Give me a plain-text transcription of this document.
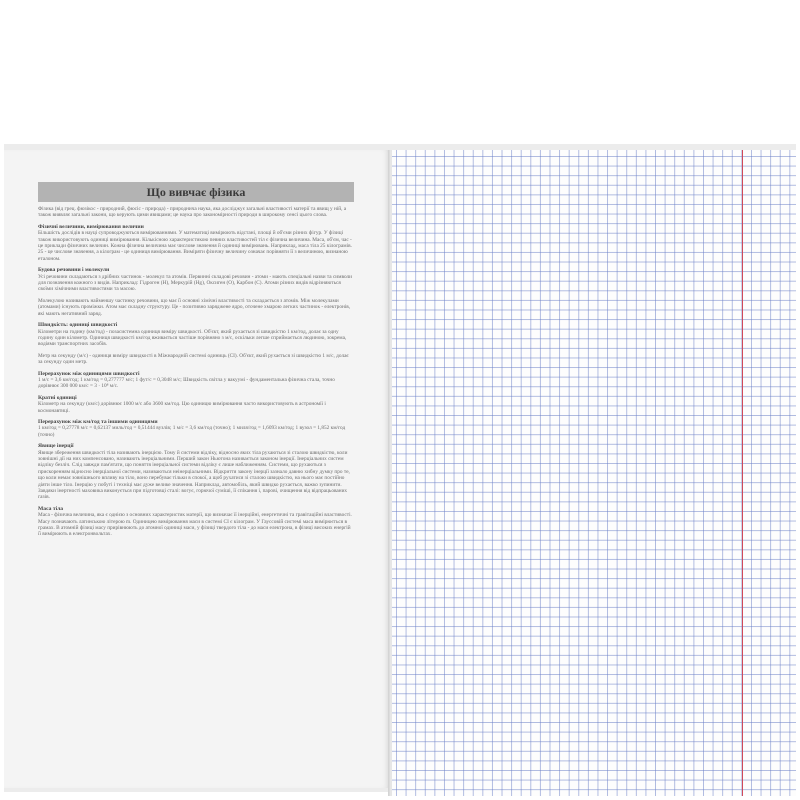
Що вивчає фізика

Фізика (від грец. фюзікос - природний, фюсіс - природа) - природнича наука, яка досліджує загальні властивості матерії та явищ у ній, а також виявляє загальні закони, що керують цими явищами; це наука про закономірності природи в широкому сенсі цього слова.

Фізичні величини, вимірювання величин

Більшість дослідів в науці супроводжуються вимірюваннями. У математиці вимірюють відстані, площі й об'єми різних фігур. У фізиці також використовують одиниці вимірювання. Кількісною характеристикою певних властивостей тіл є фізична величина. Маса, об'єм, час - це приклади фізичних величин. Кожна фізична величина має числове значення й одиниці вимірювань. Наприклад, маса тіла 25 кілограмів. 25 - це числове значення, а кілограм - це одиниця вимірювання. Виміряти фізичну величину означає порівняти її з величиною, визнаною еталоном.

Будова речовини і молекули

Усі речовини складаються з дрібних частинок - молекул та атомів. Первинні складові речовин - атоми - мають спеціальні назви та символи для позначення кожного з видів. Наприклад: Гідроген (Н), Меркурій (Hg), Оксиген (О), Карбон (С). Атоми різних видів відрізняються своїми хімічними властивостями та масою.

Молекулою називають найменшу частинку речовини, що має її основні хімічні властивості та складається з атомів. Між молекулами (атомами) існують проміжки. Атом має складну структуру. Це - позитивно заряджене ядро, оточене хмарою легких частинок - електронів, які мають негативний заряд.

Швидкість: одиниці швидкості

Кілометри на годину (км/год) - позасистемна одиниця виміру швидкості. Об'єкт, який рухається зі швидкістю 1 км/год, долає за одну годину один кілометр. Одиниця швидкості км/год вживається частіше порівняно з м/с, оскільки легше сприймається людиною, зокрема, водіями транспортних засобів.

Метр на секунду (м/с) - одиниця виміру швидкості в Міжнародній системі одиниць (СІ). Об'єкт, який рухається зі швидкістю 1 м/с, долає за секунду один метр.

Перерахунок між одиницями швидкості

1 м/с = 3,6 км/год; 1 км/год = 0,277777 м/с; 1 фут/с = 0,3048 м/с; Швидкість світла у вакуумі - фундаментальна фізична стала, точно дорівнює 300 000 км/с = 3 · 10⁸ м/с.

Кратні одиниці

Кілометр на секунду (км/с) дорівнює 1000 м/с або 3600 км/год. Цю одиницю вимірювання часто використовують в астрономії і космонавтиці.

Перерахунок між км/год та іншими одиницями

1 км/год = 0,27778 м/с = 0,62137 миль/год = 0,51444 вузлів; 1 м/с = 3,6 км/год (точно); 1 миля/год = 1,6093 км/год; 1 вузол = 1,852 км/год (точно)

Явище інерції

Явище збереження швидкості тіла називають інерцією. Тому й системи відліку, відносно яких тіла рухаються зі сталою швидкістю, коли зовнішні дії на них компенсовано, називають інерціальними. Перший закон Ньютона називається законом інерції. Інерціальних систем відліку безліч. Слід завжди пам'ятати, що поняття інерціальної системи відліку є лише наближенням. Системи, що рухаються з прискоренням відносно інерціальної системи, називаються неінерціальними. Відкриття закону інерції зазнало давню хибну думку про те, що коли немає зовнішнього впливу на тіло, воно перебуває тільки в спокої, а щоб рухатися зі сталою швидкістю, на нього має постійно діяти інше тіло. Інерцію у побуті і техніці має дуже велике значення. Наприклад, автомобіль, який швидко рухається, важко зупинити. Завдяки інертності маховика виконується при підготовці сталі: вогує, горючої суміші, її спікання і, парові, очищення від відпрацьованих газів.

Маса тіла

Маса - фізична величина, яка є однією з основних характеристик матерії, що визначає її інерційні, енергетичні та гравітаційні властивості. Масу позначають латинською літерою m. Одиницею вимірювання маси в системі СІ є кілограм. У Гауссовій системі маса вимірюється в грамах. В атомній фізиці масу прирівнюють до атомної одиниці маси, у фізиці твердого тіла - до маси електрона, в фізиці високих енергій її вимірюють в електронвольтах.
